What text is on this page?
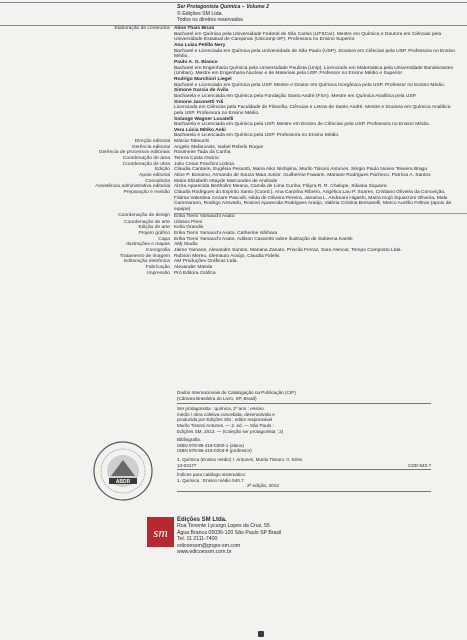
Ser Protagonista Química – Volume 2
© Edições SM Ltda.
Todos os direitos reservados
Elaboração de conteúdos Aline Thaís Bruni
Bacharel em Química pela Universidade Federal de São Carlos (UFSCar). Mestre em Química e Doutora em Ciências pela Universidade Estadual de Campinas (Unicamp-SP). Professora no Ensino Superior.
Ana Luiza Petillo Nery
Bacharel e Licenciada em Química pela Universidade de São Paulo (USP). Doutora em Ciências pela USP. Professora no Ensino Médio.
Paulo A. G. Bianco
Bacharel em Engenharia Química pela Universidade Paulista (Unip). Licenciado em Matemática pela Universidade Bandeirantes (Uniban). Mestre em Engenharia Nuclear e de Materiais pela USP. Professor no Ensino Médio e Superior.
Rodrigo Marchiori Liegel
Bacharel e Licenciado em Química pela USP. Mestre e Doutor em Química Inorgânica pela USP. Professor no Ensino Médio.
Simone Garcia de Ávila
Bacharela e Licenciada em Química pela Fundação Santo André (FSA). Mestre em Química Analítica pela USP.
Simone Jaconetti Ydi
Licenciada em Ciências pela Faculdade de Filosofia, Ciências e Letras de Santo André. Mestre e Doutora em Química Analítica pela USP. Professora no Ensino Médio.
Solange Wagner Locatelli
Bacharela e Licenciada em Química pela USP. Mestre em Ensino de Ciências pela USP. Professora no Ensino Médio.
Vera Lúcia Mitiko Aoki
Bacharela e Licenciada em Química pela USP. Professora no Ensino Médio.
Direção editorial Márcia Takeuchi
Gerência editorial Angelo Stefanovits, Isabel Rebelo Roque
Gerência de processos editoriais Rosimeire Tada da Cunha
Coordenação de área Tereza Costa Osório
Coordenação de obra Julio Cesar Foschini Lisboa
Edição Cláudia Cantarin, Eugênia Pessotti, Maria Aiko Nishijima, Murilo Tissoni Antunes, Sérgio Paulo Nunes Teixeira Braga
Apoio editorial Aline P. Bonamo, Armando de Souza Maia Junior, Guilherme Fawarin, Mariane Rodrigues Pacheco, Patrícia A. Santos
Consultoria Maria Elizabeth Attayde Marcondes de Andrade
Assistência administrativa editorial Alzira Aparecida Bertholim Meana, Camila de Lima Cunha, Fláyra R. R. Chalupe, Silvana Siqueira
Preparação e revisão Cláudia Rodrigues do Espírito Santo (Coord.), Ana Carolina Ribeiro, Angélica Lau P. Soares, Cristiano Oliveira da Conceição, Fátima Valentina Cezare Pasculli, Ivilda de Oliveira Pereira, Janaína L. Andreani Higashi, Maíra Inojó Squarzoni Oliveira, Malu Cammarano, Rodrigo Azevedo, Rosinei Aparecida Rodrigues Araújo, Valéria Cristina Borsanelli, Marco Aurélio Feltran (apoio de equipe)
Coordenação de design Erika Tiemi Yamauchi Asato
Coordenação de arte Ulisses Pires
Edição de arte Keila Grandis
Projeto gráfico Erika Tiemi Yamauchi Asato, Catherine Ishihara
Capa Erika Tiemi Yamauchi Asato, Adilson Casarotti sobre ilustração de Sabeena Karnik
Ilustrações e mapas AMj Studio
Iconografia Jaime Yamane, Alexandre Santos, Mariana Zanato, Priscila Ferraz, Sara Alencar, Tempo Composto Ltda.
Tratamento de imagem Robson Mereu, Idemauto Araújo, Claudia Fidelis
Editoração eletrônica AM Produções Gráficas Ltda.
Fabricação Alexander Maeda
Impressão Pró Editora Gráfica
Dados Internacionais de Catalogação na Publicação (CIP)
(Câmara Brasileira do Livro, SP, Brasil)
Ser protagonista : química, 2º ano : ensino
médio / obra coletiva concebida, desenvolvida e
produzida por Edições SM ; editor responsável
Murilo Tissoni Antunes. — 2. ed. — São Paulo :
Edições SM, 2013. — (Coleção ser protagonista ; 2)
Bibliografia.
ISBN 978-85-418-0200-1 (aluno)
ISBN 978-85-418-0204-9 (professor)
1. Química (Ensino médio) I. Antunes, Murilo Tissoni. II. Série.
13-02177	CDD-540.7
Índices para catálogo sistemático:
1. Química : Ensino médio 540.7
2ª edição, 2013
ABDR
sm
Edições SM Ltda.
Rua Tenente Lycurgo Lopes da Cruz, 55
Água Branca 05036-120 São Paulo SP Brasil
Tel. 11 2111-7400
edicoessm@grupo-sm.com
www.edicoessm.com.br
